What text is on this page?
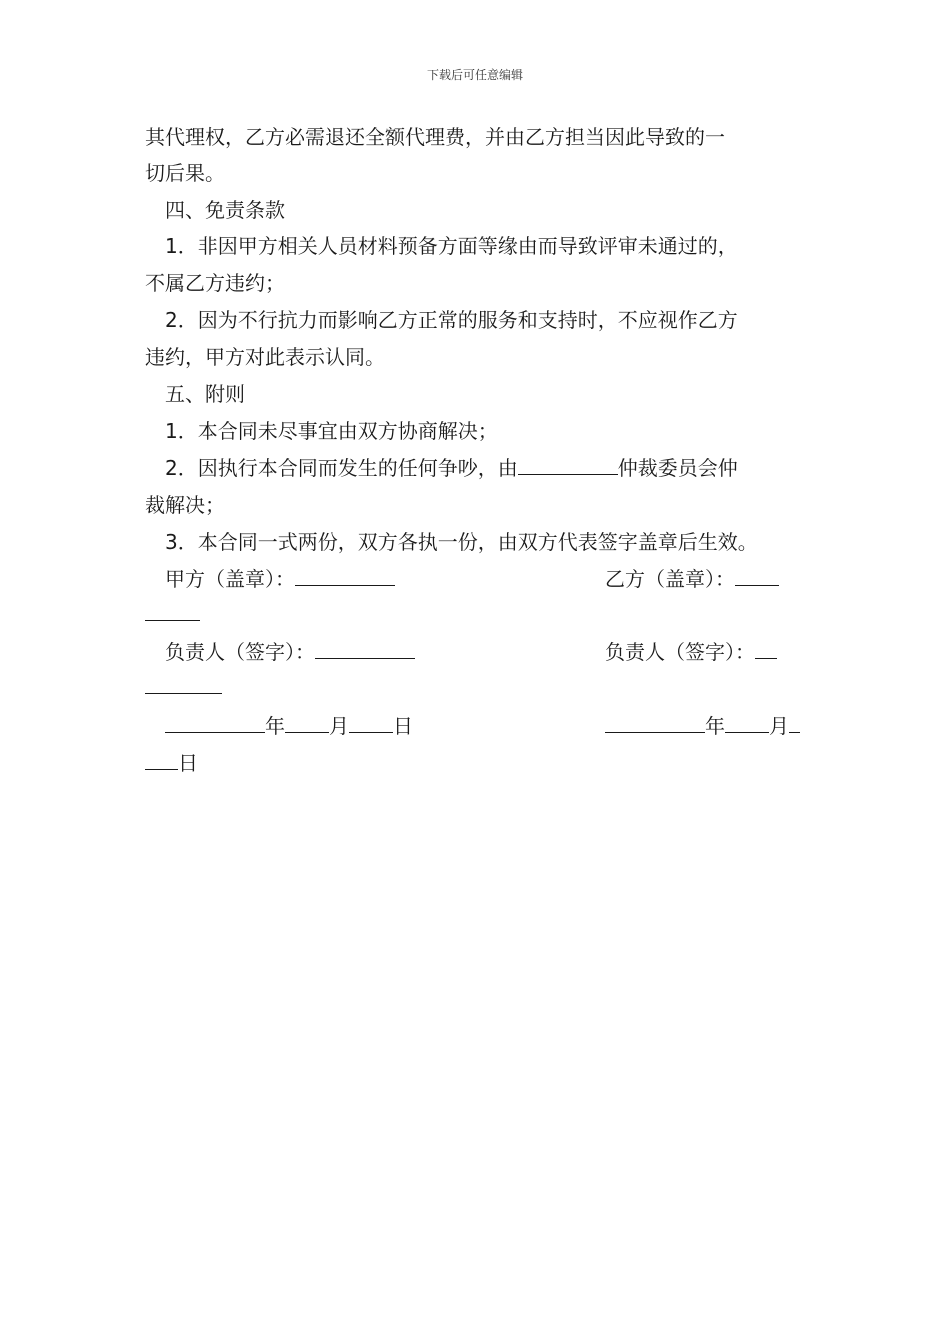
下载后可任意编辑
其代理权，乙方必需退还全额代理费，并由乙方担当因此导致的一
切后果。
四、免责条款
1．非因甲方相关人员材料预备方面等缘由而导致评审未通过的，
不属乙方违约；
2．因为不行抗力而影响乙方正常的服务和支持时，不应视作乙方
违约，甲方对此表示认同。
五、附则
1．本合同未尽事宜由双方协商解决；
2．因执行本合同而发生的任何争吵，由	仲裁委员会仲
裁解决；
3．本合同一式两份，双方各执一份，由双方代表签字盖章后生效。
甲方（盖章）：	乙方（盖章）：
负责人（签字）：	负责人（签字）：
年 月 日	年 月
日
